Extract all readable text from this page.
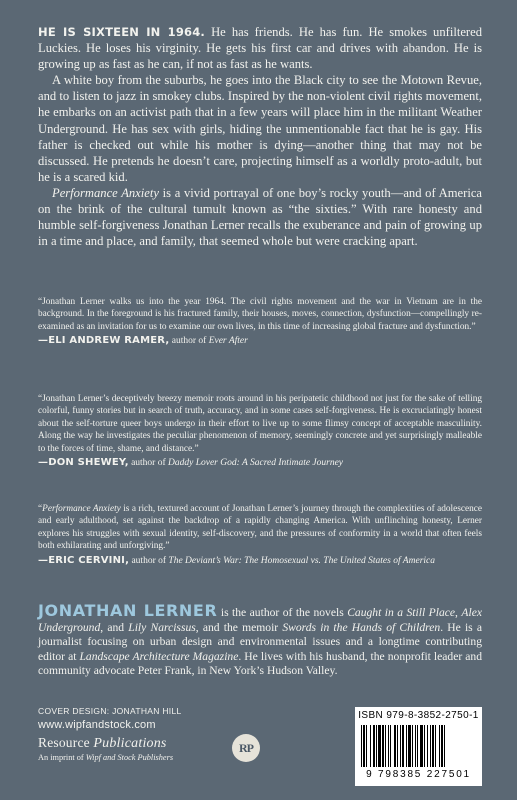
HE IS SIXTEEN IN 1964. He has friends. He has fun. He smokes unfiltered Luckies. He loses his virginity. He gets his first car and drives with abandon. He is growing up as fast as he can, if not as fast as he wants.

A white boy from the suburbs, he goes into the Black city to see the Motown Revue, and to listen to jazz in smokey clubs. Inspired by the non-violent civil rights movement, he embarks on an activist path that in a few years will place him in the militant Weather Underground. He has sex with girls, hiding the unmentionable fact that he is gay. His father is checked out while his mother is dying—another thing that may not be discussed. He pretends he doesn’t care, projecting himself as a worldly proto-adult, but he is a scared kid.

Performance Anxiety is a vivid portrayal of one boy’s rocky youth—and of America on the brink of the cultural tumult known as “the sixties.” With rare honesty and humble self-forgiveness Jonathan Lerner recalls the exuberance and pain of growing up in a time and place, and family, that seemed whole but were cracking apart.

“Jonathan Lerner walks us into the year 1964. The civil rights movement and the war in Vietnam are in the background. In the foreground is his fractured family, their houses, moves, connection, dysfunction—compellingly re-examined as an invitation for us to examine our own lives, in this time of increasing global fracture and dysfunction.”

—ELI ANDREW RAMER, author of Ever After

“Jonathan Lerner’s deceptively breezy memoir roots around in his peripatetic childhood not just for the sake of telling colorful, funny stories but in search of truth, accuracy, and in some cases self-forgiveness. He is excruciatingly honest about the self-torture queer boys undergo in their effort to live up to some flimsy concept of acceptable masculinity. Along the way he investigates the peculiar phenomenon of memory, seemingly concrete and yet surprisingly malleable to the forces of time, shame, and distance.”

—DON SHEWEY, author of Daddy Lover God: A Sacred Intimate Journey

“Performance Anxiety is a rich, textured account of Jonathan Lerner’s journey through the complexities of adolescence and early adulthood, set against the backdrop of a rapidly changing America. With unflinching honesty, Lerner explores his struggles with sexual identity, self-discovery, and the pressures of conformity in a world that often feels both exhilarating and unforgiving.”

—ERIC CERVINI, author of The Deviant’s War: The Homosexual vs. The United States of America
JONATHAN LERNER is the author of the novels Caught in a Still Place, Alex Underground, and Lily Narcissus, and the memoir Swords in the Hands of Children. He is a journalist focusing on urban design and environmental issues and a longtime contributing editor at Landscape Architecture Magazine. He lives with his husband, the nonprofit leader and community advocate Peter Frank, in New York’s Hudson Valley.
COVER DESIGN: JONATHAN HILL
www.wipfandstock.com
Resource Publications
An imprint of Wipf and Stock Publishers
RP
ISBN 979-8-3852-2750-1
9 798385 227501
